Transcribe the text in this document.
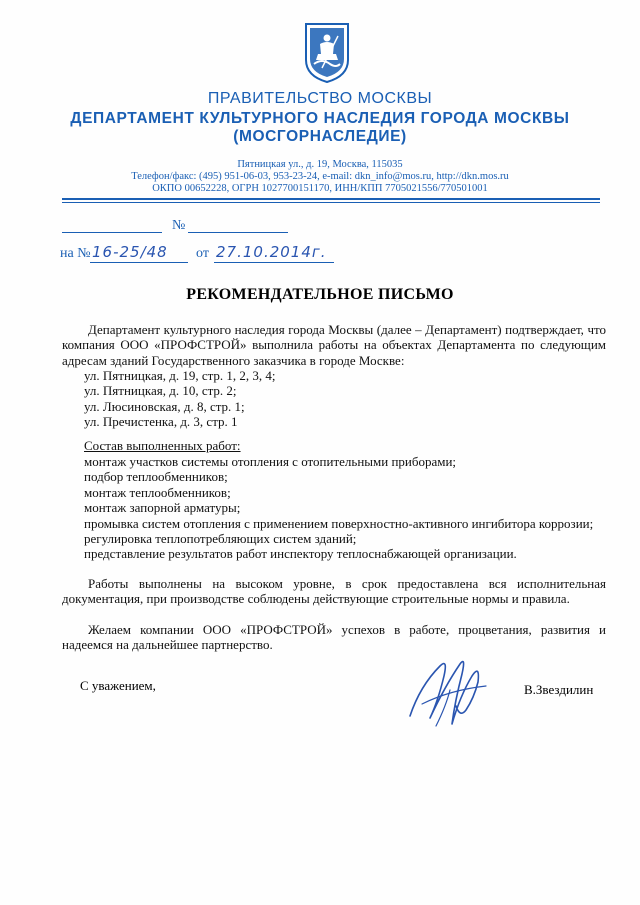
ПРАВИТЕЛЬСТВО МОСКВЫ
ДЕПАРТАМЕНТ КУЛЬТУРНОГО НАСЛЕДИЯ ГОРОДА МОСКВЫ
(МОСГОРНАСЛЕДИЕ)
Пятницкая ул., д. 19, Москва, 115035
Телефон/факс: (495) 951-06-03, 953-23-24, e-mail: dkn_info@mos.ru, http://dkn.mos.ru
ОКПО 00652228, ОГРН 1027700151170, ИНН/КПП 7705021556/770501001
№
на № 16-25/48 от 27.10.2014г.
РЕКОМЕНДАТЕЛЬНОЕ ПИСЬМО
Департамент культурного наследия города Москвы (далее – Департамент) подтверждает, что компания ООО «ПРОФСТРОЙ» выполнила работы на объектах Департамента по следующим адресам зданий Государственного заказчика в городе Москве:
ул. Пятницкая, д. 19, стр. 1, 2, 3, 4;
ул. Пятницкая, д. 10, стр. 2;
ул. Люсиновская, д. 8, стр. 1;
ул. Пречистенка, д. 3, стр. 1
Состав выполненных работ:
монтаж участков системы отопления с отопительными приборами;
подбор теплообменников;
монтаж теплообменников;
монтаж запорной арматуры;
промывка систем отопления с применением поверхностно-активного ингибитора коррозии;
регулировка теплопотребляющих систем зданий;
представление результатов работ инспектору теплоснабжающей организации.
Работы выполнены на высоком уровне, в срок предоставлена вся исполнительная документация, при производстве соблюдены действующие строительные нормы и правила.
Желаем компании ООО «ПРОФСТРОЙ» успехов в работе, процветания, развития и надеемся на дальнейшее партнерство.
С уважением,	В.Звездилин
